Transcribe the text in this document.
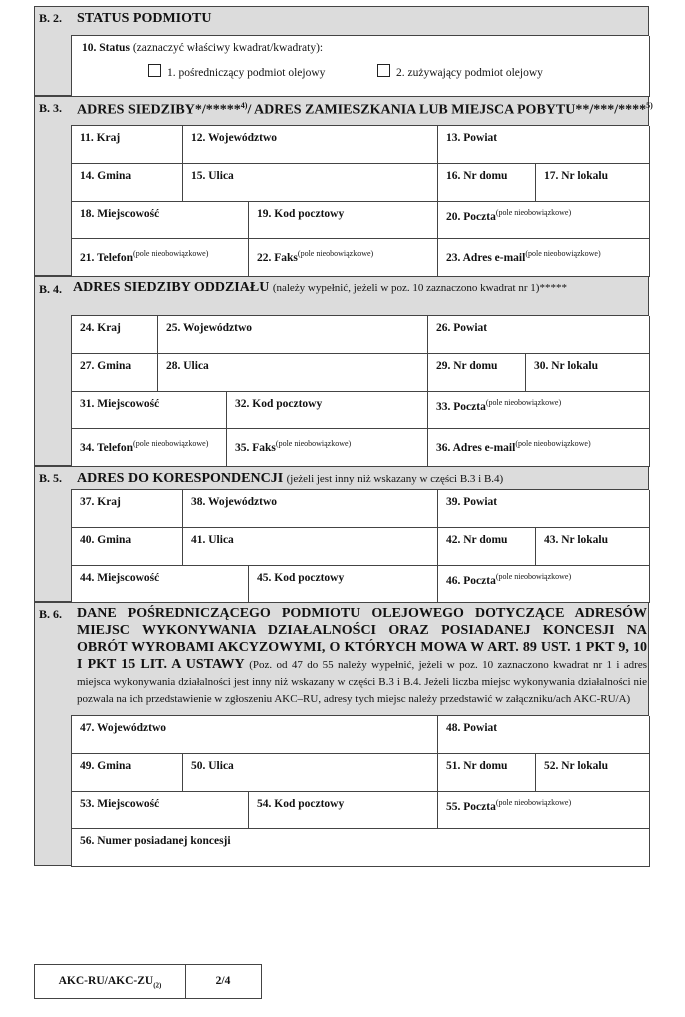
B. 2. STATUS PODMIOTU
10. Status (zaznaczyć właściwy kwadrat/kwadraty):
1. pośredniczący podmiot olejowy	2. zużywający podmiot olejowy
B. 3. ADRES SIEDZIBY*/*****$^{4)}$/ ADRES ZAMIESZKANIA LUB MIEJSCA POBYTU**/***/****$^{5)}$
11. Kraj	12. Województwo	13. Powiat
14. Gmina	15. Ulica	16. Nr domu	17. Nr lokalu
18. Miejscowość	19. Kod pocztowy	20. Poczta$^{(pole nieobowiązkowe)}$
21. Telefon$^{(pole nieobowiązkowe)}$	22. Faks$^{(pole nieobowiązkowe)}$	23. Adres e-mail$^{(pole nieobowiązkowe)}$
B. 4. ADRES SIEDZIBY ODDZIAŁU (należy wypełnić, jeżeli w poz. 10 zaznaczono kwadrat nr 1)*****
24. Kraj	25. Województwo	26. Powiat
27. Gmina	28. Ulica	29. Nr domu	30. Nr lokalu
31. Miejscowość	32. Kod pocztowy	33. Poczta$^{(pole nieobowiązkowe)}$
34. Telefon$^{(pole nieobowiązkowe)}$ 35. Faks$^{(pole nieobowiązkowe)}$	36. Adres e-mail$^{(pole nieobowiązkowe)}$
B. 5. ADRES DO KORESPONDENCJI (jeżeli jest inny niż wskazany w części B.3 i B.4)
37. Kraj	38. Województwo	39. Powiat
40. Gmina	41. Ulica	42. Nr domu	43. Nr lokalu
44. Miejscowość	45. Kod pocztowy	46. Poczta$^{(pole nieobowiązkowe)}$
B. 6. DANE POŚREDNICZĄCEGO PODMIOTU OLEJOWEGO DOTYCZĄCE ADRESÓW MIEJSC WYKONYWANIA DZIAŁALNOŚCI ORAZ POSIADANEJ KONCESJI NA OBRÓT WYROBAMI AKCYZOWYMI, O KTÓRYCH MOWA W ART. 89 UST. 1 PKT 9, 10 I PKT 15 LIT. A USTAWY (Poz. od 47 do 55 należy wypełnić, jeżeli w poz. 10 zaznaczono kwadrat nr 1 i adres miejsca wykonywania działalności jest inny niż wskazany w części B.3 i B.4. Jeżeli liczba miejsc wykonywania działalności nie pozwala na ich przedstawienie w zgłoszeniu AKC–RU, adresy tych miejsc należy przedstawić w załączniku/ach AKC-RU/A)
47. Województwo	48. Powiat
49. Gmina	50. Ulica	51. Nr domu	52. Nr lokalu
53. Miejscowość	54. Kod pocztowy	55. Poczta$^{(pole nieobowiązkowe)}$
56. Numer posiadanej koncesji
AKC-$RU/AKC-ZU_{(2)}$	2/4
